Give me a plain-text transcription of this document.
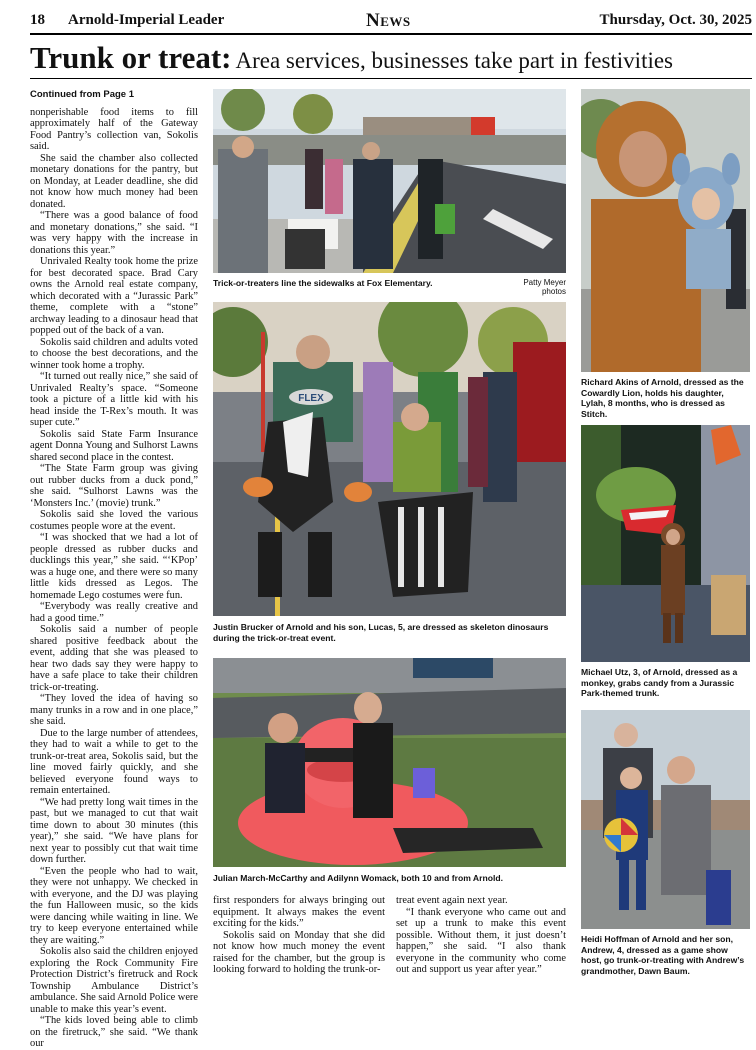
18 Arnold-Imperial Leader	News	Thursday, Oct. 30, 2025
Trunk or treat: Area services, businesses take part in festivities

Continued from Page 1

nonperishable food items to fill approximately half of the Gateway Food Pantry’s collection van, Sokolis said.

She said the chamber also collected monetary donations for the pantry, but on Monday, at Leader deadline, she did not know how much money had been donated.

“There was a good balance of food and monetary donations,” she said. “I was very happy with the increase in donations this year.”

Unrivaled Realty took home the prize for best decorated space. Brad Cary owns the Arnold real estate company, which decorated with a “Jurassic Park” theme, complete with a “stone” archway leading to a dinosaur head that popped out of the back of a van.

Sokolis said children and adults voted to choose the best decorations, and the winner took home a trophy.

“It turned out really nice,” she said of Unrivaled Realty’s space. “Someone took a picture of a little kid with his head inside the T-Rex’s mouth. It was super cute.”

Sokolis said State Farm Insurance agent Donna Young and Sulhorst Lawns shared second place in the contest.

“The State Farm group was giving out rubber ducks from a duck pond,” she said. “Sulhorst Lawns was the ‘Monsters Inc.’ (movie) trunk.”

Sokolis said she loved the various costumes people wore at the event.

“I was shocked that we had a lot of people dressed as rubber ducks and ducklings this year,” she said. “‘KPop’ was a huge one, and there were so many little kids dressed as Legos. The homemade Lego costumes were fun.

“Everybody was really creative and had a good time.”

Sokolis said a number of people shared positive feedback about the event, adding that she was pleased to hear two dads say they were happy to have a safe place to take their children trick-or-treating.

“They loved the idea of having so many trunks in a row and in one place,” she said.

Due to the large number of attendees, they had to wait a while to get to the trunk-or-treat area, Sokolis said, but the line moved fairly quickly, and she believed everyone found ways to remain entertained.

“We had pretty long wait times in the past, but we managed to cut that wait time down to about 30 minutes (this year),” she said. “We have plans for next year to possibly cut that wait time down further.

“Even the people who had to wait, they were not unhappy. We checked in with everyone, and the DJ was playing the fun Halloween music, so the kids were dancing while waiting in line. We try to keep everyone entertained while they are waiting.”

Sokolis also said the children enjoyed exploring the Rock Community Fire Protection District’s firetruck and Rock Township Ambulance District’s ambulance. She said Arnold Police were unable to make this year’s event.

“The kids loved being able to climb on the firetruck,” she said. “We thank our

first responders for always bringing out equipment. It always makes the event exciting for the kids.”

Sokolis said on Monday that she did not know how much money the event raised for the chamber, but the group is looking forward to holding the trunk-or-

treat event again next year.

“I thank everyone who came out and set up a trunk to make this event possible. Without them, it just doesn’t happen,” she said. “I also thank everyone in the community who come out and support us year after year.”

Trick-or-treaters line the sidewalks at Fox Elementary.	Patty Meyer photos
FLEX
Justin Brucker of Arnold and his son, Lucas, 5, are dressed as skeleton dinosaurs during the trick-or-treat event.
Julian March-McCarthy and Adilynn Womack, both 10 and from Arnold.
Richard Akins of Arnold, dressed as the Cowardly Lion, holds his daughter, Lylah, 8 months, who is dressed as Stitch.
Michael Utz, 3, of Arnold, dressed as a monkey, grabs candy from a Jurassic Park-themed trunk.
Heidi Hoffman of Arnold and her son, Andrew, 4, dressed as a game show host, go trunk-or-treating with Andrew’s grandmother, Dawn Baum.
